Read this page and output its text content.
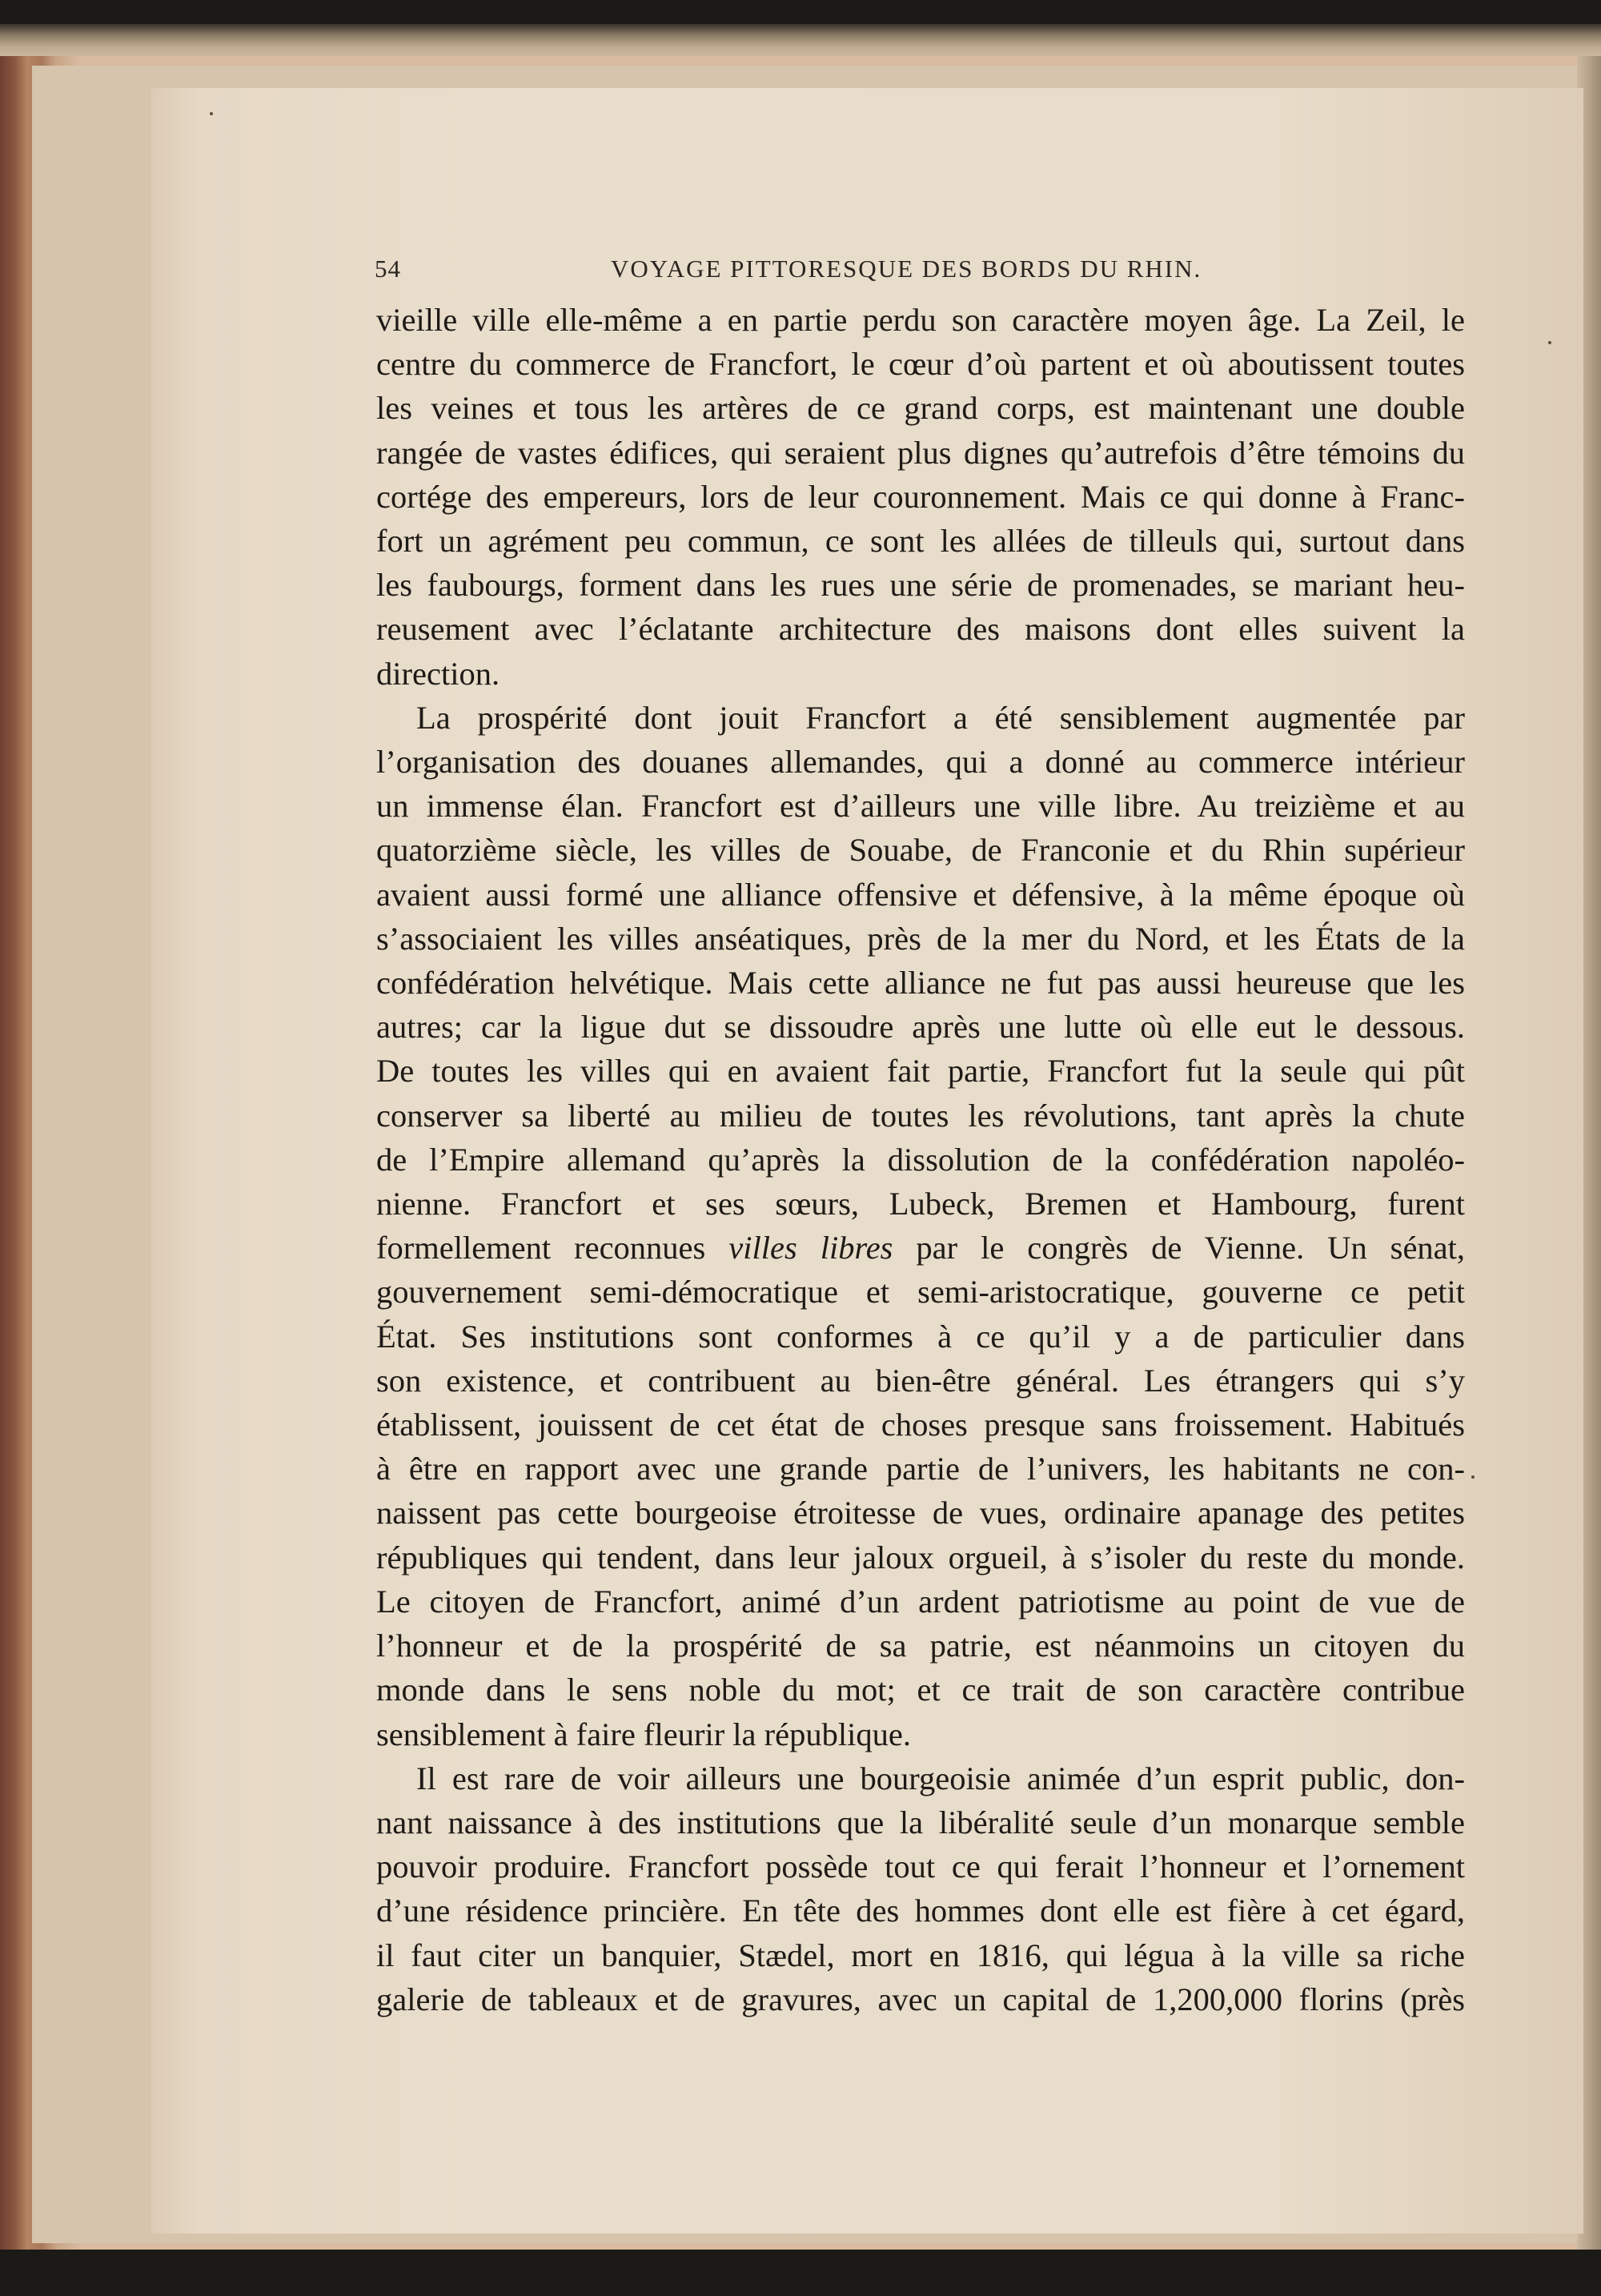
54	VOYAGE PITTORESQUE DES BORDS DU RHIN.
vieille ville elle-même a en partie perdu son caractère moyen âge. La Zeil, le
centre du commerce de Francfort, le cœur d’où partent et où aboutissent toutes
les veines et tous les artères de ce grand corps, est maintenant une double
rangée de vastes édifices, qui seraient plus dignes qu’autrefois d’être témoins du
cortége des empereurs, lors de leur couronnement. Mais ce qui donne à Franc-
fort un agrément peu commun, ce sont les allées de tilleuls qui, surtout dans
les faubourgs, forment dans les rues une série de promenades, se mariant heu-
reusement avec l’éclatante architecture des maisons dont elles suivent la
direction.
La prospérité dont jouit Francfort a été sensiblement augmentée par
l’organisation des douanes allemandes, qui a donné au commerce intérieur
un immense élan. Francfort est d’ailleurs une ville libre. Au treizième et au
quatorzième siècle, les villes de Souabe, de Franconie et du Rhin supérieur
avaient aussi formé une alliance offensive et défensive, à la même époque où
s’associaient les villes anséatiques, près de la mer du Nord, et les États de la
confédération helvétique. Mais cette alliance ne fut pas aussi heureuse que les
autres; car la ligue dut se dissoudre après une lutte où elle eut le dessous.
De toutes les villes qui en avaient fait partie, Francfort fut la seule qui pût
conserver sa liberté au milieu de toutes les révolutions, tant après la chute
de l’Empire allemand qu’après la dissolution de la confédération napoléo-
nienne. Francfort et ses sœurs, Lubeck, Bremen et Hambourg, furent
formellement reconnues villes libres par le congrès de Vienne. Un sénat,
gouvernement semi-démocratique et semi-aristocratique, gouverne ce petit
État. Ses institutions sont conformes à ce qu’il y a de particulier dans
son existence, et contribuent au bien-être général. Les étrangers qui s’y
établissent, jouissent de cet état de choses presque sans froissement. Habitués
à être en rapport avec une grande partie de l’univers, les habitants ne con-
naissent pas cette bourgeoise étroitesse de vues, ordinaire apanage des petites
républiques qui tendent, dans leur jaloux orgueil, à s’isoler du reste du monde.
Le citoyen de Francfort, animé d’un ardent patriotisme au point de vue de
l’honneur et de la prospérité de sa patrie, est néanmoins un citoyen du
monde dans le sens noble du mot; et ce trait de son caractère contribue
sensiblement à faire fleurir la république.
Il est rare de voir ailleurs une bourgeoisie animée d’un esprit public, don-
nant naissance à des institutions que la libéralité seule d’un monarque semble
pouvoir produire. Francfort possède tout ce qui ferait l’honneur et l’ornement
d’une résidence princière. En tête des hommes dont elle est fière à cet égard,
il faut citer un banquier, Stædel, mort en 1816, qui légua à la ville sa riche
galerie de tableaux et de gravures, avec un capital de 1,200,000 florins (près
